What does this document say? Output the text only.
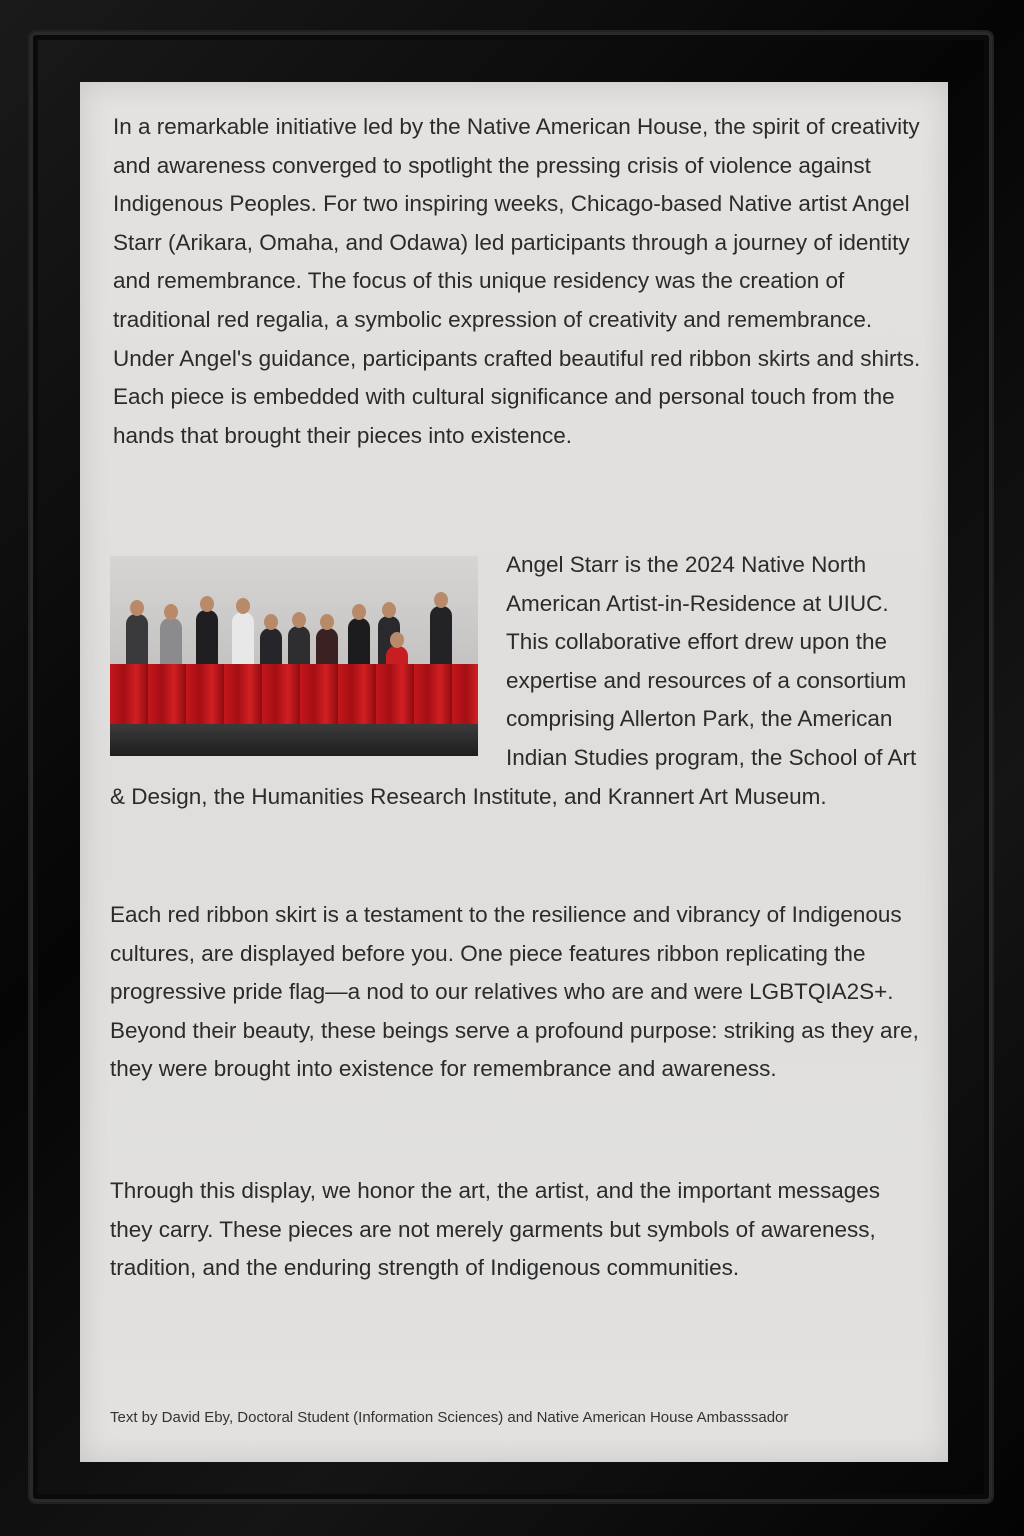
In a remarkable initiative led by the Native American House, the spirit of creativity and awareness converged to spotlight the pressing crisis of violence against Indigenous Peoples. For two inspiring weeks, Chicago-based Native artist Angel Starr (Arikara, Omaha, and Odawa) led participants through a journey of identity and remembrance. The focus of this unique residency was the creation of traditional red regalia, a symbolic expression of creativity and remembrance. Under Angel's guidance, participants crafted beautiful red ribbon skirts and shirts. Each piece is embedded with cultural significance and personal touch from the hands that brought their pieces into existence.

Angel Starr is the 2024 Native North American Artist-in-Residence at UIUC. This collaborative effort drew upon the expertise and resources of a consortium comprising Allerton Park, the American Indian Studies program, the School of Art & Design, the Humanities Research Institute, and Krannert Art Museum.

Each red ribbon skirt is a testament to the resilience and vibrancy of Indigenous cultures, are displayed before you. One piece features ribbon replicating the progressive pride flag—a nod to our relatives who are and were LGBTQIA2S+. Beyond their beauty, these beings serve a profound purpose: striking as they are, they were brought into existence for remembrance and awareness.

Through this display, we honor the art, the artist, and the important messages they carry. These pieces are not merely garments but symbols of awareness, tradition, and the enduring strength of Indigenous communities.

Text by David Eby, Doctoral Student (Information Sciences) and Native American House Ambasssador
